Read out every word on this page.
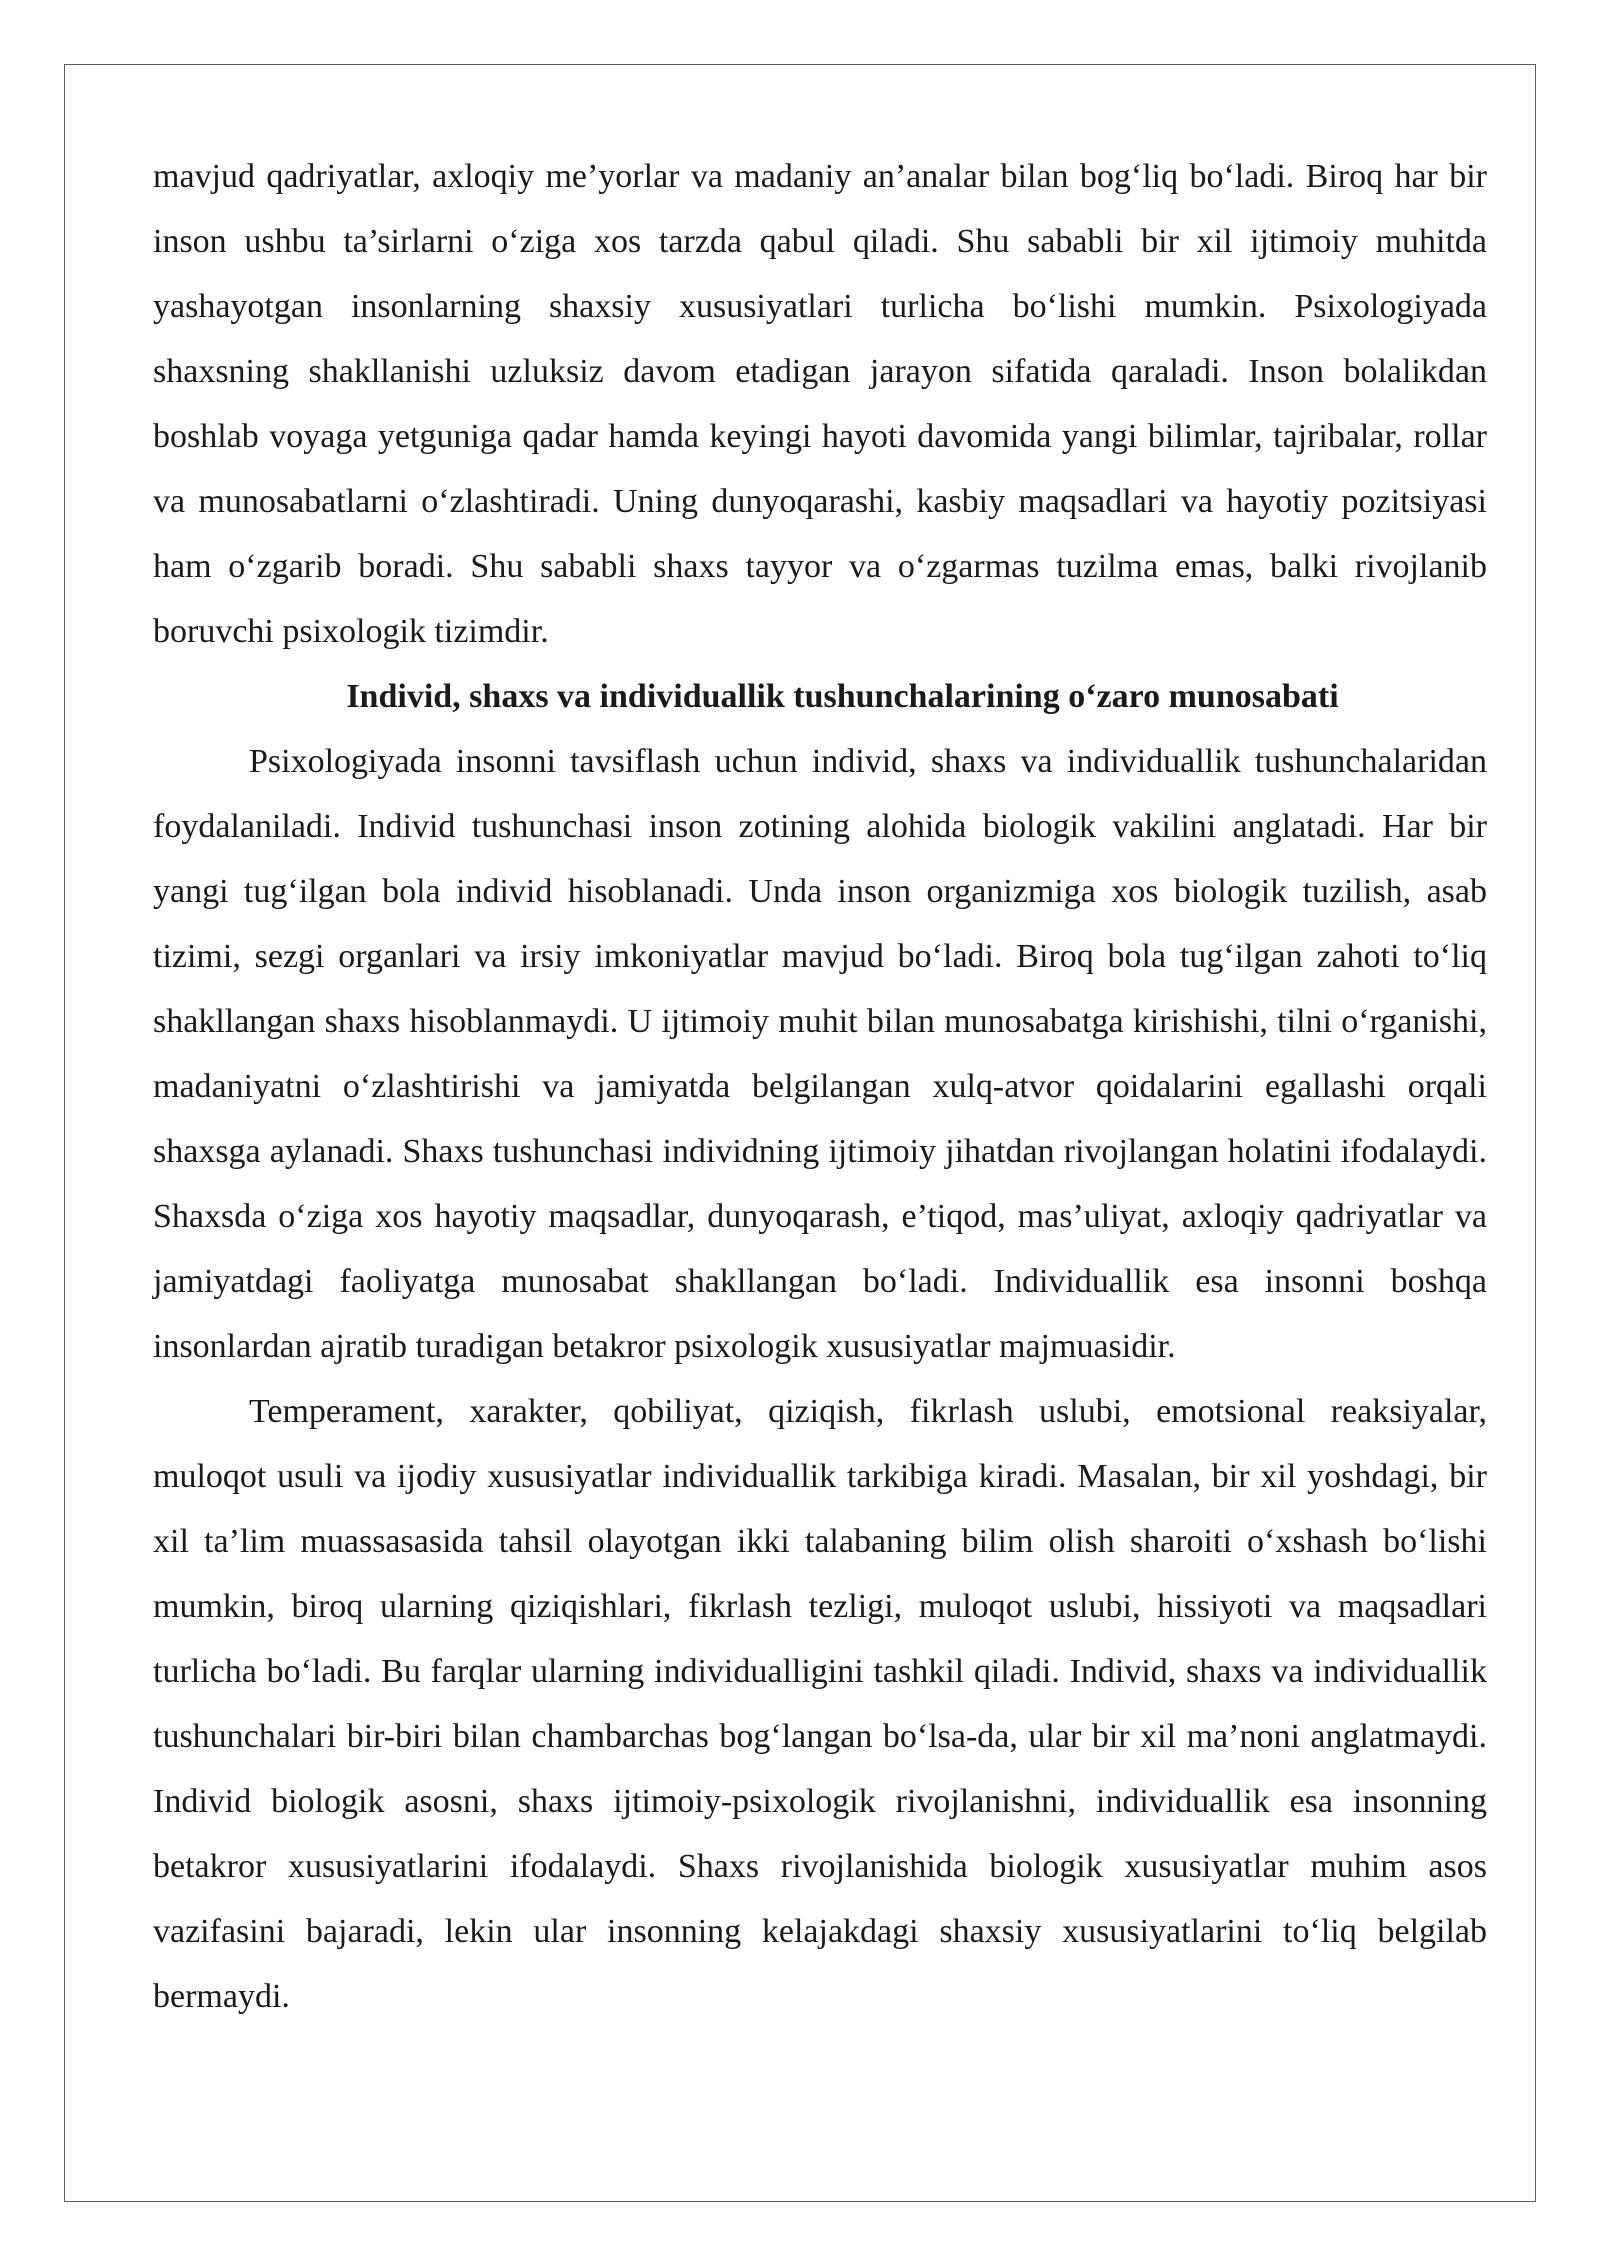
mavjud qadriyatlar, axloqiy me’yorlar va madaniy an’analar bilan bog‘liq bo‘ladi. Biroq har bir inson ushbu ta’sirlarni o‘ziga xos tarzda qabul qiladi. Shu sababli bir xil ijtimoiy muhitda yashayotgan insonlarning shaxsiy xususiyatlari turlicha bo‘lishi mumkin. Psixologiyada shaxsning shakllanishi uzluksiz davom etadigan jarayon sifatida qaraladi. Inson bolalikdan boshlab voyaga yetguniga qadar hamda keyingi hayoti davomida yangi bilimlar, tajribalar, rollar va munosabatlarni o‘zlashtiradi. Uning dunyoqarashi, kasbiy maqsadlari va hayotiy pozitsiyasi ham o‘zgarib boradi. Shu sababli shaxs tayyor va o‘zgarmas tuzilma emas, balki rivojlanib boruvchi psixologik tizimdir.

Individ, shaxs va individuallik tushunchalarining o‘zaro munosabati

Psixologiyada insonni tavsiflash uchun individ, shaxs va individuallik tushunchalaridan foydalaniladi. Individ tushunchasi inson zotining alohida biologik vakilini anglatadi. Har bir yangi tug‘ilgan bola individ hisoblanadi. Unda inson organizmiga xos biologik tuzilish, asab tizimi, sezgi organlari va irsiy imkoniyatlar mavjud bo‘ladi. Biroq bola tug‘ilgan zahoti to‘liq shakllangan shaxs hisoblanmaydi. U ijtimoiy muhit bilan munosabatga kirishishi, tilni o‘rganishi, madaniyatni o‘zlashtirishi va jamiyatda belgilangan xulq-atvor qoidalarini egallashi orqali shaxsga aylanadi. Shaxs tushunchasi individning ijtimoiy jihatdan rivojlangan holatini ifodalaydi. Shaxsda o‘ziga xos hayotiy maqsadlar, dunyoqarash, e’tiqod, mas’uliyat, axloqiy qadriyatlar va jamiyatdagi faoliyatga munosabat shakllangan bo‘ladi. Individuallik esa insonni boshqa insonlardan ajratib turadigan betakror psixologik xususiyatlar majmuasidir.

Temperament, xarakter, qobiliyat, qiziqish, fikrlash uslubi, emotsional reaksiyalar, muloqot usuli va ijodiy xususiyatlar individuallik tarkibiga kiradi. Masalan, bir xil yoshdagi, bir xil ta’lim muassasasida tahsil olayotgan ikki talabaning bilim olish sharoiti o‘xshash bo‘lishi mumkin, biroq ularning qiziqishlari, fikrlash tezligi, muloqot uslubi, hissiyoti va maqsadlari turlicha bo‘ladi. Bu farqlar ularning individualligini tashkil qiladi. Individ, shaxs va individuallik tushunchalari bir-biri bilan chambarchas bog‘langan bo‘lsa-da, ular bir xil ma’noni anglatmaydi. Individ biologik asosni, shaxs ijtimoiy-psixologik rivojlanishni, individuallik esa insonning betakror xususiyatlarini ifodalaydi. Shaxs rivojlanishida biologik xususiyatlar muhim asos vazifasini bajaradi, lekin ular insonning kelajakdagi shaxsiy xususiyatlarini to‘liq belgilab bermaydi.
